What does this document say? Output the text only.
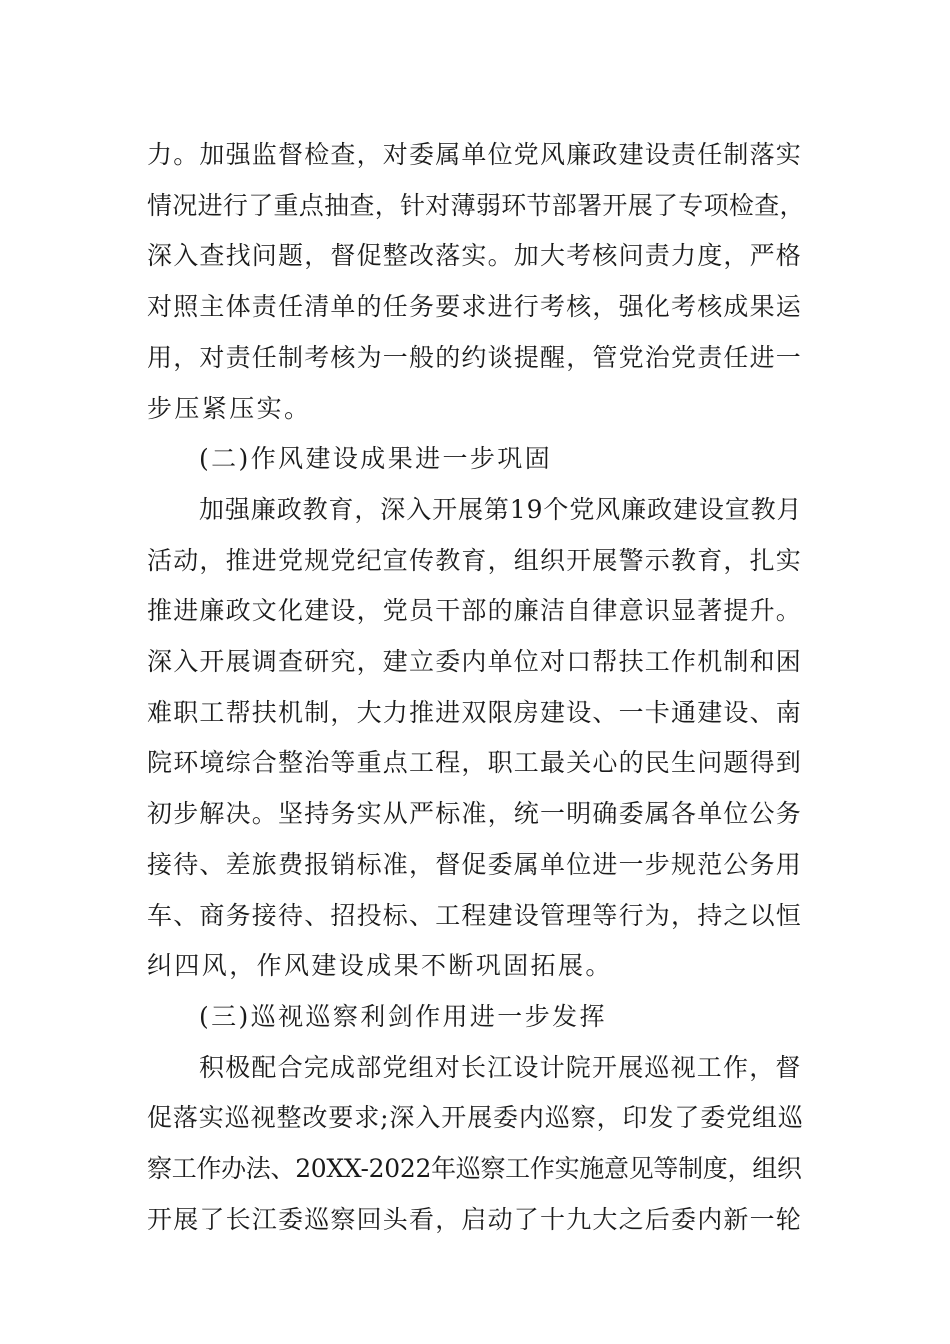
力。加强监督检查，对委属单位党风廉政建设责任制落实
情况进行了重点抽查，针对薄弱环节部署开展了专项检查，
深入查找问题，督促整改落实。加大考核问责力度，严格
对照主体责任清单的任务要求进行考核，强化考核成果运
用，对责任制考核为一般的约谈提醒，管党治党责任进一
步压紧压实。
(二)作风建设成果进一步巩固
加强廉政教育，深入开展第19个党风廉政建设宣教月
活动，推进党规党纪宣传教育，组织开展警示教育，扎实
推进廉政文化建设，党员干部的廉洁自律意识显著提升。
深入开展调查研究，建立委内单位对口帮扶工作机制和困
难职工帮扶机制，大力推进双限房建设、一卡通建设、南
院环境综合整治等重点工程，职工最关心的民生问题得到
初步解决。坚持务实从严标准，统一明确委属各单位公务
接待、差旅费报销标准，督促委属单位进一步规范公务用
车、商务接待、招投标、工程建设管理等行为，持之以恒
纠四风，作风建设成果不断巩固拓展。
(三)巡视巡察利剑作用进一步发挥
积极配合完成部党组对长江设计院开展巡视工作，督
促落实巡视整改要求;深入开展委内巡察，印发了委党组巡
察工作办法、20XX-2022年巡察工作实施意见等制度，组织
开展了长江委巡察回头看，启动了十九大之后委内新一轮
